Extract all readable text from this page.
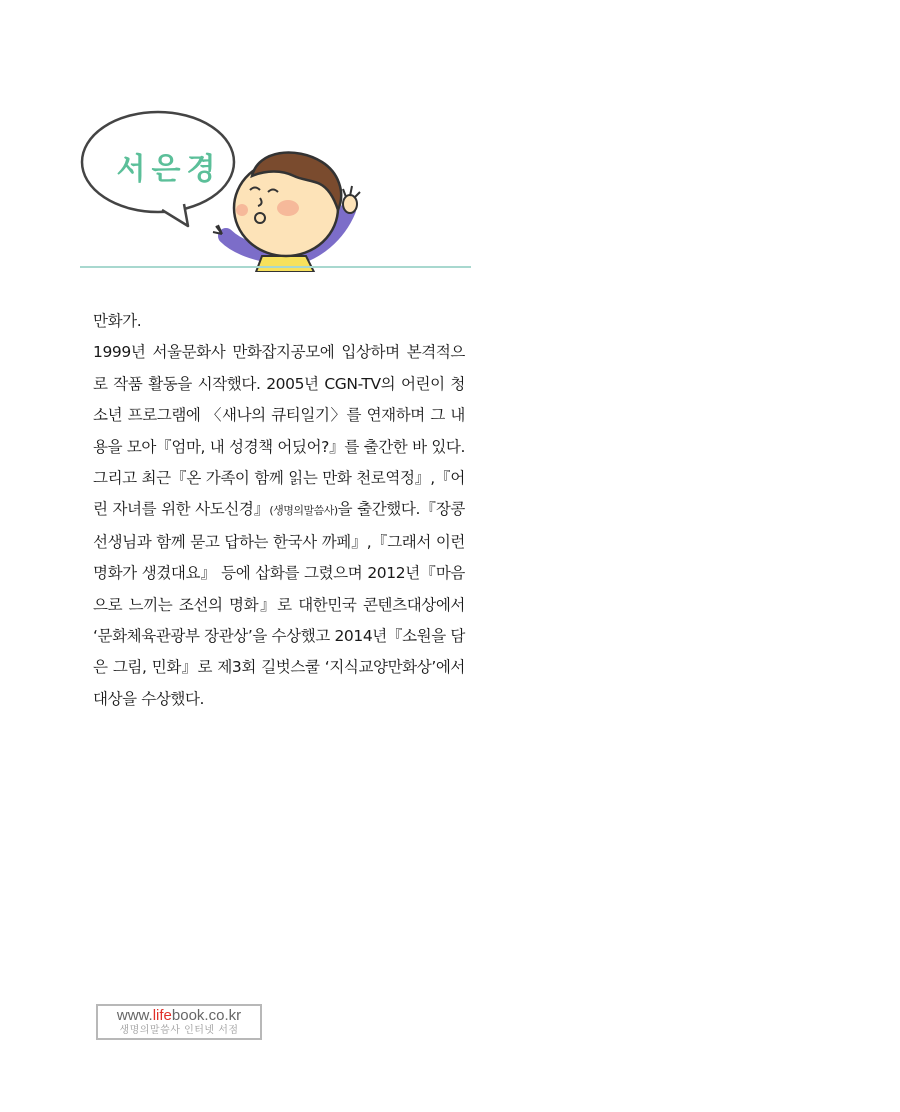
서은경

만화가.

1999년 서울문화사 만화잡지공모에 입상하며 본격적으로 작품 활동을 시작했다. 2005년 CGN-TV의 어린이 청소년 프로그램에 〈새나의 큐티일기〉를 연재하며 그 내용을 모아『엄마, 내 성경책 어딨어?』를 출간한 바 있다. 그리고 최근『온 가족이 함께 읽는 만화 천로역정』,『어린 자녀를 위한 사도신경』(생명의말씀사)을 출간했다.『장콩선생님과 함께 묻고 답하는 한국사 까페』,『그래서 이런 명화가 생겼대요』 등에 삽화를 그렸으며 2012년『마음으로 느끼는 조선의 명화』로 대한민국 콘텐츠대상에서 ‘문화체육관광부 장관상’을 수상했고 2014년『소원을 담은 그림, 민화』로 제3회 길벗스쿨 ‘지식교양만화상’에서 대상을 수상했다.

www.lifebook.co.kr
생명의말씀사 인터넷 서점
